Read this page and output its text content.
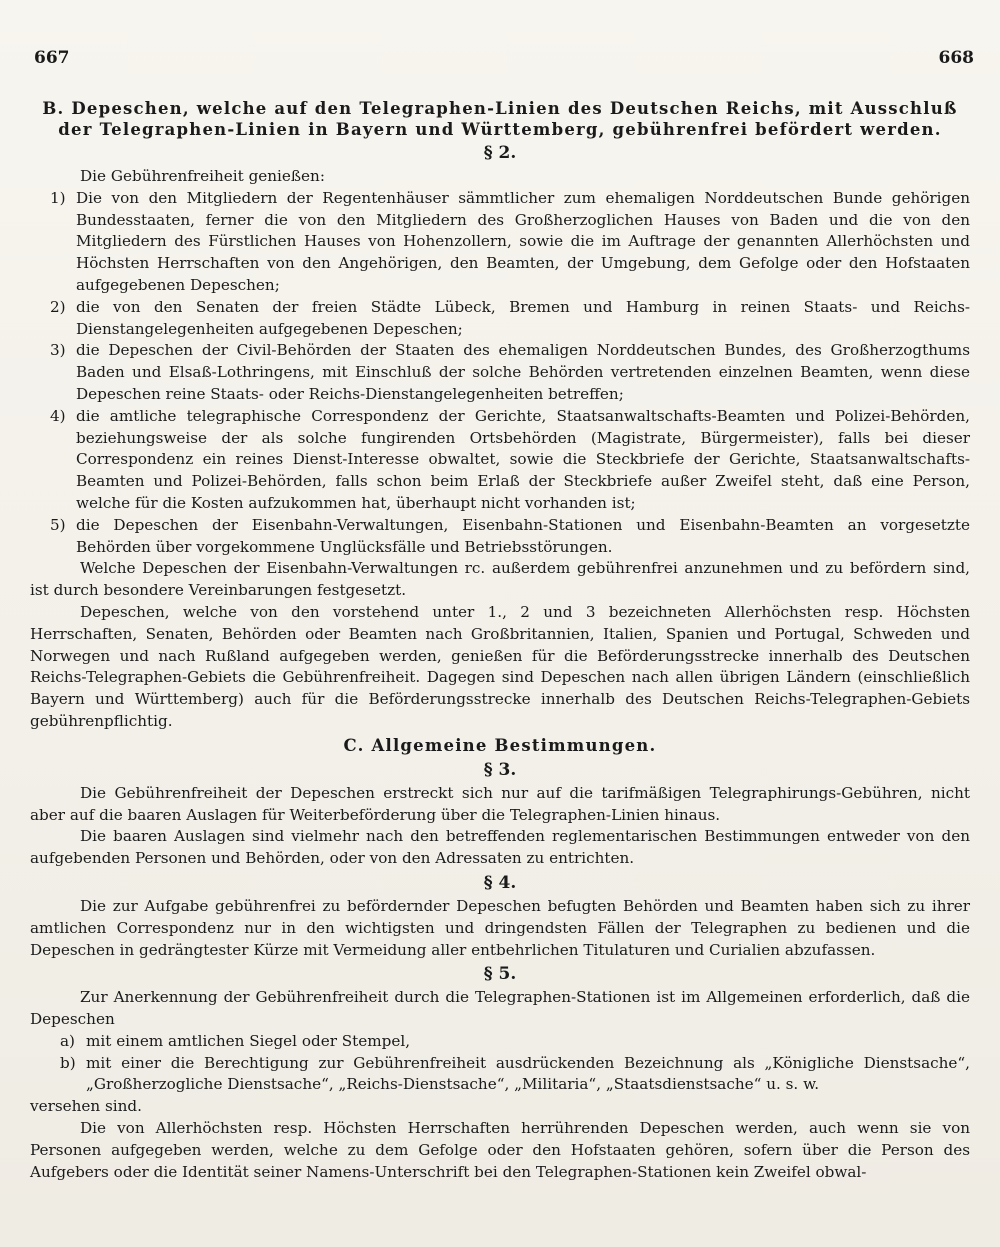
667	668
B. Depeschen, welche auf den Telegraphen-Linien des Deutschen Reichs, mit Ausschluß der Telegraphen-Linien in Bayern und Württemberg, gebührenfrei befördert werden.
§ 2.

Die Gebührenfreiheit genießen:

1) Die von den Mitgliedern der Regentenhäuser sämmtlicher zum ehemaligen Norddeutschen Bunde gehörigen Bundesstaaten, ferner die von den Mitgliedern des Großherzoglichen Hauses von Baden und die von den Mitgliedern des Fürstlichen Hauses von Hohenzollern, sowie die im Auftrage der genannten Allerhöchsten und Höchsten Herrschaften von den Angehörigen, den Beamten, der Umgebung, dem Gefolge oder den Hofstaaten aufgegebenen Depeschen;
2) die von den Senaten der freien Städte Lübeck, Bremen und Hamburg in reinen Staats- und Reichs-Dienstangelegenheiten aufgegebenen Depeschen;
3) die Depeschen der Civil-Behörden der Staaten des ehemaligen Norddeutschen Bundes, des Großherzogthums Baden und Elsaß-Lothringens, mit Einschluß der solche Behörden vertretenden einzelnen Beamten, wenn diese Depeschen reine Staats- oder Reichs-Dienstangelegenheiten betreffen;
4) die amtliche telegraphische Correspondenz der Gerichte, Staatsanwaltschafts-Beamten und Polizei-Behörden, beziehungsweise der als solche fungirenden Ortsbehörden (Magistrate, Bürgermeister), falls bei dieser Correspondenz ein reines Dienst-Interesse obwaltet, sowie die Steckbriefe der Gerichte, Staatsanwaltschafts-Beamten und Polizei-Behörden, falls schon beim Erlaß der Steckbriefe außer Zweifel steht, daß eine Person, welche für die Kosten aufzukommen hat, überhaupt nicht vorhanden ist;
5) die Depeschen der Eisenbahn-Verwaltungen, Eisenbahn-Stationen und Eisenbahn-Beamten an vorgesetzte Behörden über vorgekommene Unglücksfälle und Betriebsstörungen.

Welche Depeschen der Eisenbahn-Verwaltungen rc. außerdem gebührenfrei anzunehmen und zu befördern sind, ist durch besondere Vereinbarungen festgesetzt.

Depeschen, welche von den vorstehend unter 1., 2 und 3 bezeichneten Allerhöchsten resp. Höchsten Herrschaften, Senaten, Behörden oder Beamten nach Großbritannien, Italien, Spanien und Portugal, Schweden und Norwegen und nach Rußland aufgegeben werden, genießen für die Beförderungsstrecke innerhalb des Deutschen Reichs-Telegraphen-Gebiets die Gebührenfreiheit. Dagegen sind Depeschen nach allen übrigen Ländern (einschließlich Bayern und Württemberg) auch für die Beförderungsstrecke innerhalb des Deutschen Reichs-Telegraphen-Gebiets gebührenpflichtig.

C. Allgemeine Bestimmungen.
§ 3.

Die Gebührenfreiheit der Depeschen erstreckt sich nur auf die tarifmäßigen Telegraphirungs-Gebühren, nicht aber auf die baaren Auslagen für Weiterbeförderung über die Telegraphen-Linien hinaus.

Die baaren Auslagen sind vielmehr nach den betreffenden reglementarischen Bestimmungen entweder von den aufgebenden Personen und Behörden, oder von den Adressaten zu entrichten.

§ 4.

Die zur Aufgabe gebührenfrei zu befördernder Depeschen befugten Behörden und Beamten haben sich zu ihrer amtlichen Correspondenz nur in den wichtigsten und dringendsten Fällen der Telegraphen zu bedienen und die Depeschen in gedrängtester Kürze mit Vermeidung aller entbehrlichen Titulaturen und Curialien abzufassen.

§ 5.

Zur Anerkennung der Gebührenfreiheit durch die Telegraphen-Stationen ist im Allgemeinen erforderlich, daß die Depeschen

a) mit einem amtlichen Siegel oder Stempel,
b) mit einer die Berechtigung zur Gebührenfreiheit ausdrückenden Bezeichnung als „Königliche Dienstsache“, „Großherzogliche Dienstsache“, „Reichs-Dienstsache“, „Militaria“, „Staatsdienstsache“ u. s. w.

versehen sind.

Die von Allerhöchsten resp. Höchsten Herrschaften herrührenden Depeschen werden, auch wenn sie von Personen aufgegeben werden, welche zu dem Gefolge oder den Hofstaaten gehören, sofern über die Person des Aufgebers oder die Identität seiner Namens-Unterschrift bei den Telegraphen-Stationen kein Zweifel obwal-
